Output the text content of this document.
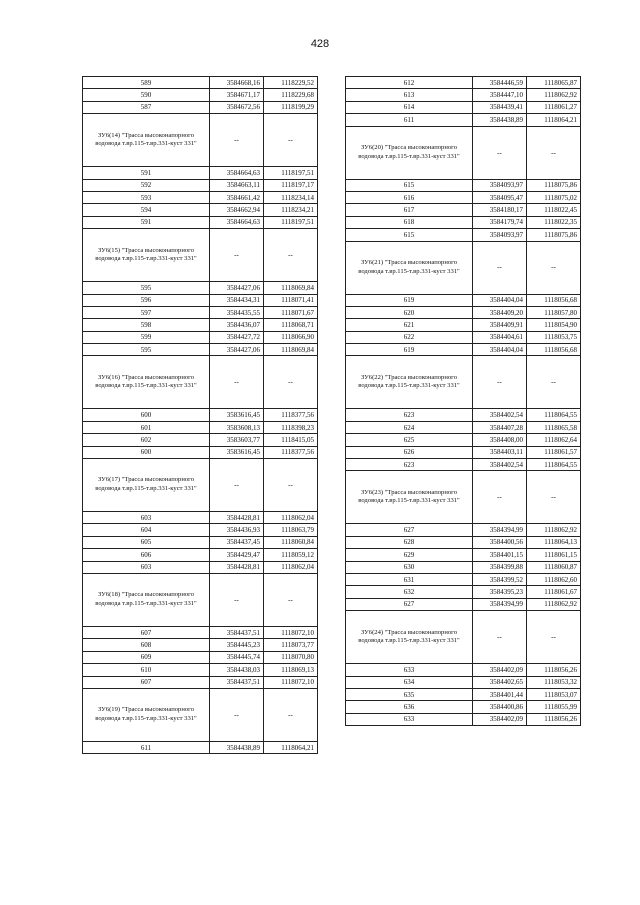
428
589	3584668,16	1118229,52
590	3584671,17	1118229,68
587	3584672,56	1118199,29
ЗУ6(14) "Трасса высоконапорного водовода т.вр.115-т.вр.331-куст 331"	--	--
591	3584664,63	1118197,51
592	3584663,11	1118197,17
593	3584661,42	1118234,14
594	3584662,94	1118234,21
591	3584664,63	1118197,51
ЗУ6(15) "Трасса высоконапорного водовода т.вр.115-т.вр.331-куст 331"	--	--
595	3584427,06	1118069,84
596	3584434,31	1118071,41
597	3584435,55	1118071,67
598	3584436,07	1118068,71
599	3584427,72	1118066,90
595	3584427,06	1118069,84
ЗУ6(16) "Трасса высоконапорного водовода т.вр.115-т.вр.331-куст 331"	--	--
600	3583616,45	1118377,56
601	3583608,13	1118398,23
602	3583603,77	1118415,05
600	3583616,45	1118377,56
ЗУ6(17) "Трасса высоконапорного водовода т.вр.115-т.вр.331-куст 331"	--	--
603	3584428,81	1118062,04
604	3584436,93	1118063,79
605	3584437,45	1118060,84
606	3584429,47	1118059,12
603	3584428,81	1118062,04
ЗУ6(18) "Трасса высоконапорного водовода т.вр.115-т.вр.331-куст 331"	--	--
607	3584437,51	1118072,10
608	3584445,23	1118073,77
609	3584445,74	1118070,80
610	3584438,03	1118069,13
607	3584437,51	1118072,10
ЗУ6(19) "Трасса высоконапорного водовода т.вр.115-т.вр.331-куст 331"	--	--
611	3584438,89	1118064,21
612	3584446,59	1118065,87
613	3584447,10	1118062,92
614	3584439,41	1118061,27
611	3584438,89	1118064,21
ЗУ6(20) "Трасса высоконапорного водовода т.вр.115-т.вр.331-куст 331"	--	--
615	3584093,97	1118075,86
616	3584095,47	1118075,02
617	3584180,17	1118022,45
618	3584179,74	1118022,35
615	3584093,97	1118075,86
ЗУ6(21) "Трасса высоконапорного водовода т.вр.115-т.вр.331-куст 331"	--	--
619	3584404,04	1118056,68
620	3584409,20	1118057,80
621	3584409,91	1118054,90
622	3584404,61	1118053,75
619	3584404,04	1118056,68
ЗУ6(22) "Трасса высоконапорного водовода т.вр.115-т.вр.331-куст 331"	--	--
623	3584402,54	1118064,55
624	3584407,28	1118065,58
625	3584408,00	1118062,64
626	3584403,11	1118061,57
623	3584402,54	1118064,55
ЗУ6(23) "Трасса высоконапорного водовода т.вр.115-т.вр.331-куст 331"	--	--
627	3584394,99	1118062,92
628	3584400,56	1118064,13
629	3584401,15	1118061,15
630	3584399,88	1118060,87
631	3584399,52	1118062,60
632	3584395,23	1118061,67
627	3584394,99	1118062,92
ЗУ6(24) "Трасса высоконапорного водовода т.вр.115-т.вр.331-куст 331"	--	--
633	3584402,09	1118056,26
634	3584402,65	1118053,32
635	3584401,44	1118053,07
636	3584400,86	1118055,99
633	3584402,09	1118056,26
